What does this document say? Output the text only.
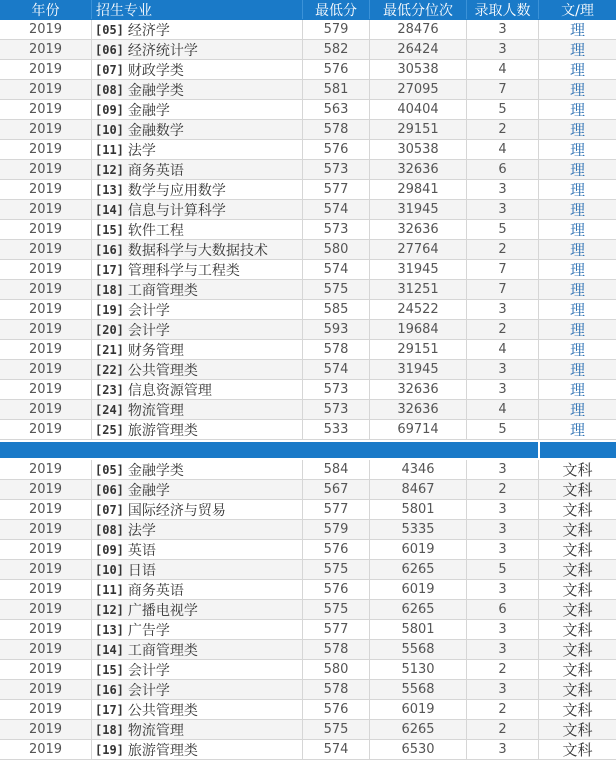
年份	招生专业	最低分	最低分位次	录取人数	文/理
2019	[05] 经济学	579	28476	3	理
2019	[06] 经济统计学	582	26424	3	理
2019	[07] 财政学类	576	30538	4	理
2019	[08] 金融学类	581	27095	7	理
2019	[09] 金融学	563	40404	5	理
2019	[10] 金融数学	578	29151	2	理
2019	[11] 法学	576	30538	4	理
2019	[12] 商务英语	573	32636	6	理
2019	[13] 数学与应用数学	577	29841	3	理
2019	[14] 信息与计算科学	574	31945	3	理
2019	[15] 软件工程	573	32636	5	理
2019	[16] 数据科学与大数据技术	580	27764	2	理
2019	[17] 管理科学与工程类	574	31945	7	理
2019	[18] 工商管理类	575	31251	7	理
2019	[19] 会计学	585	24522	3	理
2019	[20] 会计学	593	19684	2	理
2019	[21] 财务管理	578	29151	4	理
2019	[22] 公共管理类	574	31945	3	理
2019	[23] 信息资源管理	573	32636	3	理
2019	[24] 物流管理	573	32636	4	理
2019	[25] 旅游管理类	533	69714	5	理
2019	[05] 金融学类	584	4346	3	文科
2019	[06] 金融学	567	8467	2	文科
2019	[07] 国际经济与贸易	577	5801	3	文科
2019	[08] 法学	579	5335	3	文科
2019	[09] 英语	576	6019	3	文科
2019	[10] 日语	575	6265	5	文科
2019	[11] 商务英语	576	6019	3	文科
2019	[12] 广播电视学	575	6265	6	文科
2019	[13] 广告学	577	5801	3	文科
2019	[14] 工商管理类	578	5568	3	文科
2019	[15] 会计学	580	5130	2	文科
2019	[16] 会计学	578	5568	3	文科
2019	[17] 公共管理类	576	6019	2	文科
2019	[18] 物流管理	575	6265	2	文科
2019	[19] 旅游管理类	574	6530	3	文科
